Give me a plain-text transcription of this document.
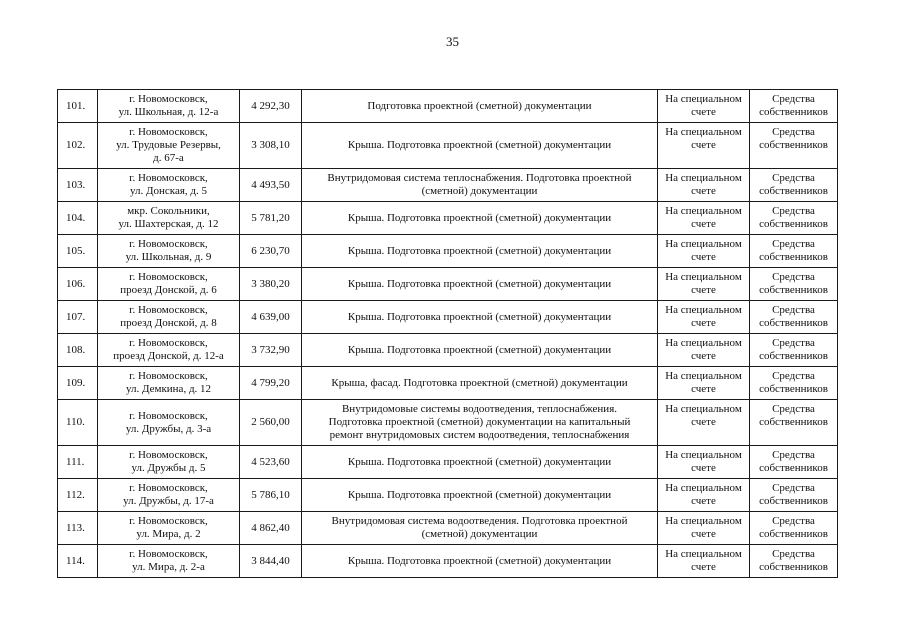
35
101.	г. Новомосковск,
ул. Школьная, д. 12-а	4 292,30	Подготовка проектной (сметной) документации	На специальном
счете	Средства
собственников
102.	г. Новомосковск,
ул. Трудовые Резервы,
д. 67-а	3 308,10	Крыша. Подготовка проектной (сметной) документации	На специальном
счете	Средства
собственников
103.	г. Новомосковск,
ул. Донская, д. 5	4 493,50	Внутридомовая система теплоснабжения. Подготовка проектной
(сметной) документации	На специальном
счете	Средства
собственников
104.	мкр. Сокольники,
ул. Шахтерская, д. 12	5 781,20	Крыша. Подготовка проектной (сметной) документации	На специальном
счете	Средства
собственников
105.	г. Новомосковск,
ул. Школьная, д. 9	6 230,70	Крыша. Подготовка проектной (сметной) документации	На специальном
счете	Средства
собственников
106.	г. Новомосковск,
проезд Донской, д. 6	3 380,20	Крыша. Подготовка проектной (сметной) документации	На специальном
счете	Средства
собственников
107.	г. Новомосковск,
проезд Донской, д. 8	4 639,00	Крыша. Подготовка проектной (сметной) документации	На специальном
счете	Средства
собственников
108.	г. Новомосковск,
проезд Донской, д. 12-а	3 732,90	Крыша. Подготовка проектной (сметной) документации	На специальном
счете	Средства
собственников
109.	г. Новомосковск,
ул. Демкина, д. 12	4 799,20	Крыша, фасад. Подготовка проектной (сметной) документации	На специальном
счете	Средства
собственников
110.	г. Новомосковск,
ул. Дружбы, д. 3-а	2 560,00	Внутридомовые системы водоотведения, теплоснабжения.
Подготовка проектной (сметной) документации на капитальный
ремонт внутридомовых систем водоотведения, теплоснабжения	На специальном
счете	Средства
собственников
111.	г. Новомосковск,
ул. Дружбы д. 5	4 523,60	Крыша. Подготовка проектной (сметной) документации	На специальном
счете	Средства
собственников
112.	г. Новомосковск,
ул. Дружбы, д. 17-а	5 786,10	Крыша. Подготовка проектной (сметной) документации	На специальном
счете	Средства
собственников
113.	г. Новомосковск,
ул. Мира, д. 2	4 862,40	Внутридомовая система водоотведения. Подготовка проектной
(сметной) документации	На специальном
счете	Средства
собственников
114.	г. Новомосковск,
ул. Мира, д. 2-а	3 844,40	Крыша. Подготовка проектной (сметной) документации	На специальном
счете	Средства
собственников
